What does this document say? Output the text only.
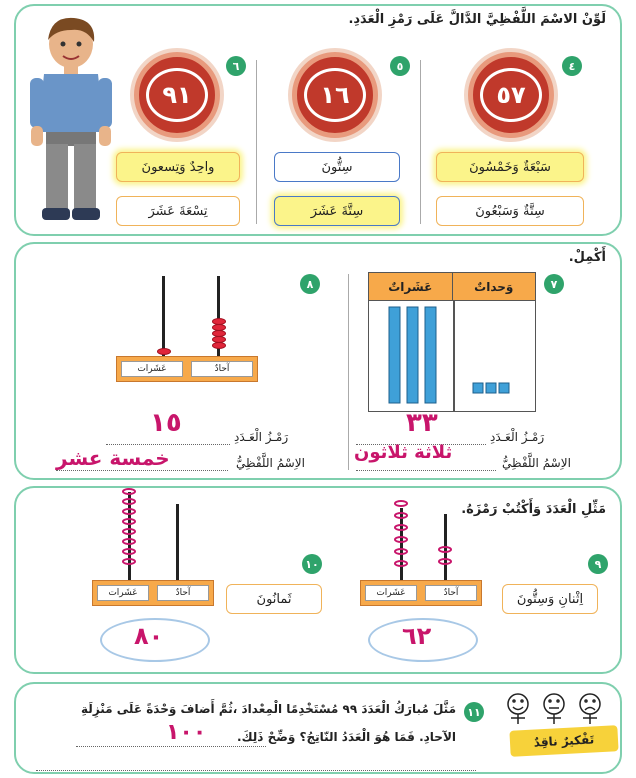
لَوِّنْ الاسْمَ اللَّفْظِيَّ الدَّالَّ عَلَى رَمْزِ الْعَدَدِ.
٤
٥٧
سَبْعَةٌ وَخَمْسُونَ
سِتَّةٌ وَسَبْعُونَ
٥
١٦
سِتُّونَ
سِتَّةَ عَشَرَ
٦
٩١
واحِدٌ وَتِسعونَ
تِسْعَةَ عَشَرَ
أَكْمِلْ.
٧
عَشَراتٌ	وَحداتٌ
رَمْـزُ الْعَـدَدِ
٣٣
الاِسْمُ اللَّفْظِيُّ
ثلاثة ثلاثون
٨
عَشَرات	آحادٌ
رَمْـزُ الْعَـدَدِ
١٥
الاِسْمُ اللَّفْظِيُّ
خمسة عشر
مَثِّلِ الْعَدَدَ وَأَكْتُبْ رَمْزَهُ.
٩
اِثْنانِ وَسِتُّونَ
عَشَرات	آحادٌ
٦٢
١٠
ثَمانُونَ
عَشَرات	آحادٌ
٨٠
١١
مَثَّلَ مُبارَكُ الْعَدَدَ ٩٩ مُسْتَخْدِمًا الْمِعْدادَ ،ثُمَّ أَضافَ وَحْدَةً عَلَى مَنْزِلَةِ
الآحادِ. فَمَا هُوَ الْعَدَدُ النّاتِجُ؟ وَضِّحْ ذَلِكَ.
١٠٠	تَفْكيرٌ ناقِدٌ
